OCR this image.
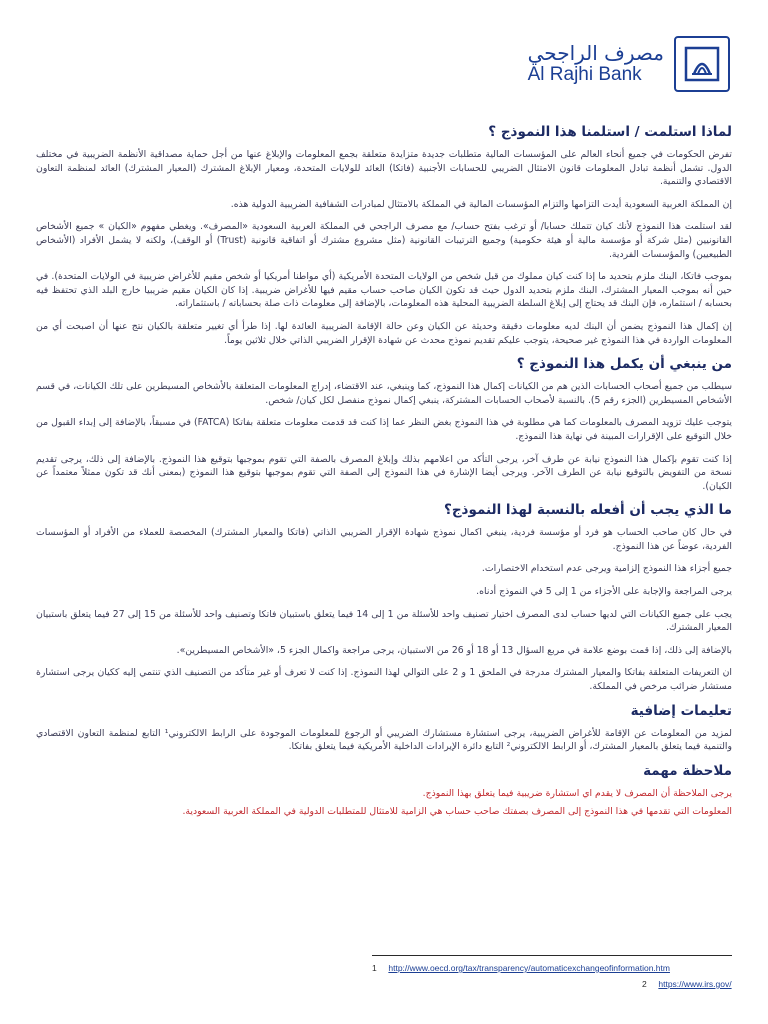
مصرف الراجحي
Al Rajhi Bank
لماذا استلمت / استلمنا هذا النموذج ؟

تفرض الحكومات في جميع أنحاء العالم على المؤسسات المالية متطلبات جديدة متزايدة متعلقة بجمع المعلومات والإبلاغ عنها من أجل حماية مصداقية الأنظمة الضريبية في مختلف الدول. تشمل أنظمة تبادل المعلومات قانون الامتثال الضريبي للحسابات الأجنبية (فاتكا) العائد للولايات المتحدة، ومعيار الإبلاغ المشترك (المعيار المشترك) العائد لمنظمة التعاون الاقتصادي والتنمية.

إن المملكة العربية السعودية أيدت التزامها والتزام المؤسسات المالية في المملكة بالامتثال لمبادرات الشفافية الضريبية الدولية هذه.

لقد استلمت هذا النموذج لأنك كيان تتملك حسابا/ أو ترغب بفتح حساب/ مع مصرف الراجحي في المملكة العربية السعودية «المصرف». ويغطي مفهوم «الكيان » جميع الأشخاص القانونيين (مثل شركة أو مؤسسة مالية أو هيئة حكومية) وجميع الترتيبات القانونية (مثل مشروع مشترك أو اتفاقية قانونية (Trust) أو الوقف)، ولكنه لا يشمل الأفراد (الأشخاص الطبيعيين) والمؤسسات الفردية.

بموجب فاتكا، البنك ملزم بتحديد ما إذا كنت كيان مملوك من قبل شخص من الولايات المتحدة الأمريكية (أي مواطنا أمريكيا أو شخص مقيم للأغراض ضريبية في الولايات المتحدة). في حين أنه بموجب المعيار المشترك، البنك ملزم بتحديد الدول حيث قد تكون الكيان صاحب حساب مقيم فيها للأغراض ضريبية. إذا كان الكيان مقيم ضريبيا خارج البلد الذي تحتفظ فيه بحسابه / استثماره، فإن البنك قد يحتاج إلى إبلاغ السلطة الضريبية المحلية هذه المعلومات، بالإضافة إلى معلومات ذات صلة بحساباته / باستثماراته.

إن إكمال هذا النموذج يضمن أن البنك لديه معلومات دقيقة وحديثة عن الكيان وعن حالة الإقامة الضريبية العائدة لها. إذا طرأ أي تغيير متعلقة بالكيان نتج عنها أن اصبحت أي من المعلومات الواردة في هذا النموذج غير صحيحة، يتوجب عليكم تقديم نموذج محدث عن شهادة الإقرار الضريبي الذاتي خلال ثلاثين يوماً.

من ينبغي أن يكمل هذا النموذج ؟

سيطلب من جميع أصحاب الحسابات الذين هم من الكيانات إكمال هذا النموذج، كما وينبغي، عند الاقتضاء، إدراج المعلومات المتعلقة بالأشخاص المسيطرين على تلك الكيانات، في قسم الأشخاص المسيطرين (الجزء رقم 5). بالنسبة لأصحاب الحسابات المشتركة، ينبغي إكمال نموذج منفصل لكل كيان/ شخص.

يتوجب عليك تزويد المصرف بالمعلومات كما هي مطلوبة في هذا النموذج بغض النظر عما إذا كنت قد قدمت معلومات متعلقة بفاتكا (FATCA) في مسبقاً، بالإضافة إلى إبداء القبول من خلال التوقيع على الإقرارات المبينة في نهاية هذا النموذج.

إذا كنت تقوم بإكمال هذا النموذج نيابة عن طرف آخر، يرجى التأكد من اعلامهم بذلك وإبلاغ المصرف بالصفة التي تقوم بموجبها بتوقيع هذا النموذج. بالإضافة إلى ذلك، يرجى تقديم نسخة من التفويض بالتوقيع نيابة عن الطرف الآخر. ويرجى أيضا الإشارة في هذا النموذج إلى الصفة التي تقوم بموجبها بتوقيع هذا النموذج (بمعنى أنك قد تكون ممثلاً معتمداً عن الكيان).

ما الذي يجب أن أفعله بالنسبة لهذا النموذج؟

في حال كان صاحب الحساب هو فرد أو مؤسسة فردية، ينبغي اكمال نموذج شهادة الإقرار الضريبي الذاتي (فاتكا والمعيار المشترك) المخصصة للعملاء من الأفراد أو المؤسسات الفردية، عوضاً عن هذا النموذج.

جميع أجزاء هذا النموذج إلزامية ويرجى عدم استخدام الاختصارات.

يرجى المراجعة والإجابة على الأجزاء من 1 إلى 5 في النموذج أدناه.

يجب على جميع الكيانات التي لديها حساب لدى المصرف اختيار تصنيف واحد للأسئلة من 1 إلى 14 فيما يتعلق باستبيان فاتكا وتصنيف واحد للأسئلة من 15 إلى 27 فيما يتعلق باستبيان المعيار المشترك.

بالإضافة إلى ذلك، إذا قمت بوضع علامة في مربع السؤال 13 أو 18 أو 26 من الاستبيان، يرجى مراجعة واكمال الجزء 5، «الأشخاص المسيطرين».

ان التعريفات المتعلقة بفاتكا والمعيار المشترك مدرجة في الملحق 1 و 2 على التوالي لهذا النموذج. إذا كنت لا تعرف أو غير متأكد من التصنيف الذي تنتمي إليه ككيان يرجى استشارة مستشار ضرائب مرخص في المملكة.

تعليمات إضافية

لمزيد من المعلومات عن الإقامة للأغراض الضريبية، يرجى استشارة مستشارك الضريبي أو الرجوع للمعلومات الموجودة على الرابط الالكتروني¹ التابع لمنظمة التعاون الاقتصادي والتنمية فيما يتعلق بالمعيار المشترك، أو الرابط الالكتروني² التابع دائرة الإيرادات الداخلية الأمريكية فيما يتعلق بفاتكا.

ملاحظة مهمة

يرجى الملاحظة أن المصرف لا يقدم اي استشارة ضريبية فيما يتعلق بهذا النموذج.

المعلومات التي تقدمها في هذا النموذج إلى المصرف بصفتك صاحب حساب هي الزامية للامتثال للمتطلبات الدولية في المملكة العربية السعودية.

1 http://www.oecd.org/tax/transparency/automaticexchangeofinformation.htm
2 https://www.irs.gov/
